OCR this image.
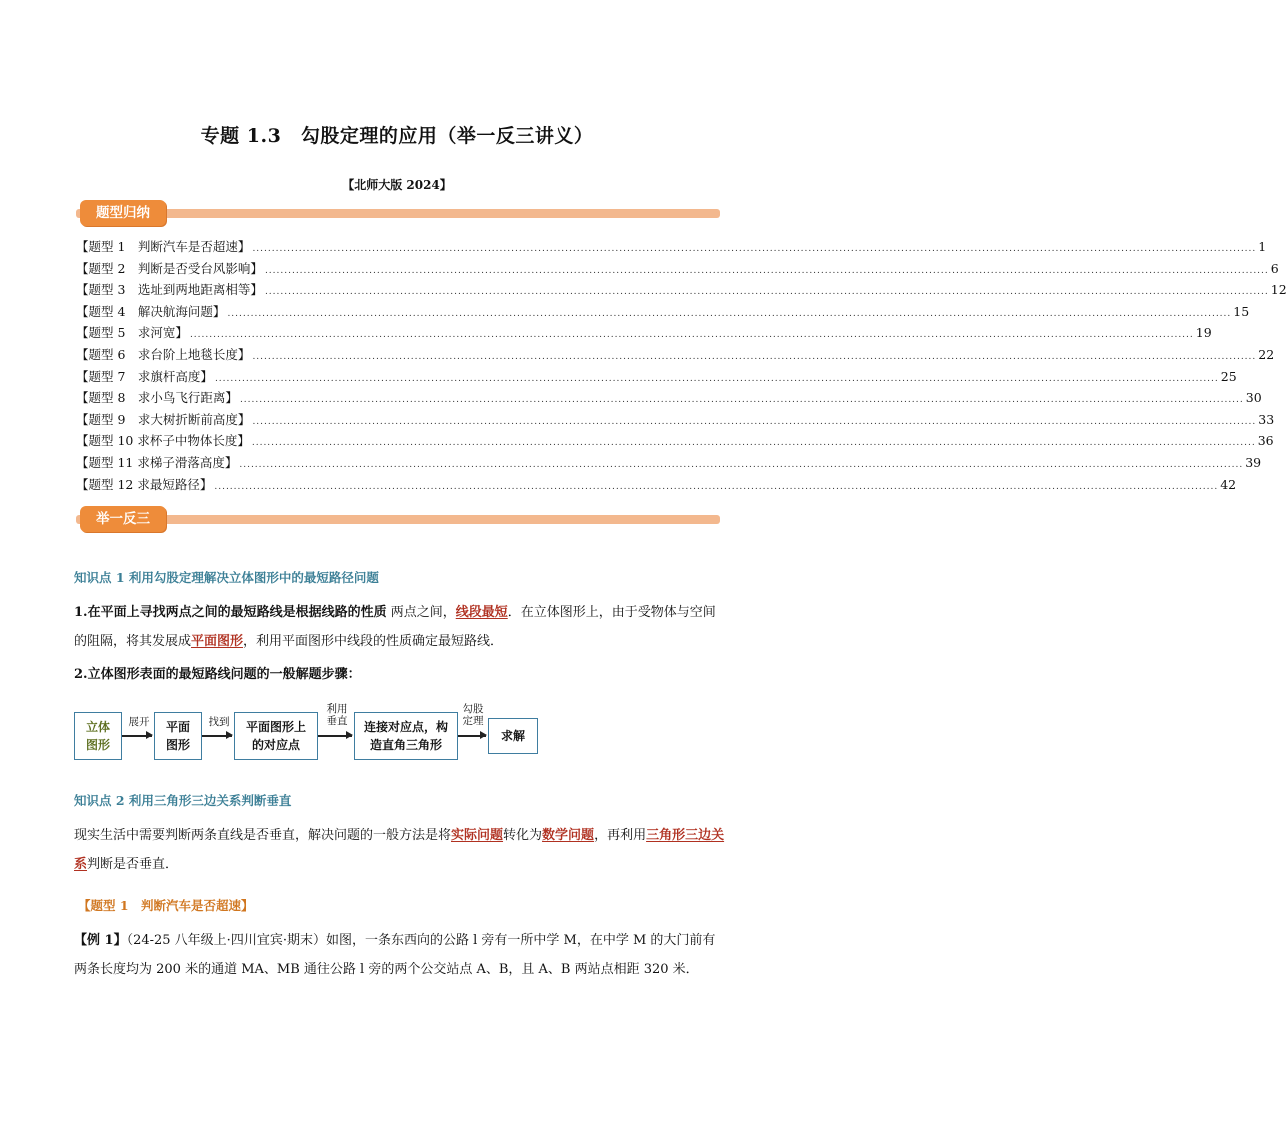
专题 1.3　勾股定理的应用（举一反三讲义）
【北师大版 2024】
题型归纳
【题型 1　判断汽车是否超速】 .................................................................................................................................................................................................................................................................... 1
【题型 2　判断是否受台风影响】 .................................................................................................................................................................................................................................................................... 6
【题型 3　选址到两地距离相等】 .................................................................................................................................................................................................................................................................... 12
【题型 4　解决航海问题】 .................................................................................................................................................................................................................................................................... 15
【题型 5　求河宽】 .................................................................................................................................................................................................................................................................... 19
【题型 6　求台阶上地毯长度】 .................................................................................................................................................................................................................................................................... 22
【题型 7　求旗杆高度】 .................................................................................................................................................................................................................................................................... 25
【题型 8　求小鸟飞行距离】 .................................................................................................................................................................................................................................................................... 30
【题型 9　求大树折断前高度】 .................................................................................................................................................................................................................................................................... 33
【题型 10 求杯子中物体长度】 .................................................................................................................................................................................................................................................................... 36
【题型 11 求梯子滑落高度】 .................................................................................................................................................................................................................................................................... 39
【题型 12 求最短路径】 .................................................................................................................................................................................................................................................................... 42
举一反三
知识点 1 利用勾股定理解决立体图形中的最短路径问题
1.在平面上寻找两点之间的最短路线是根据线路的性质 两点之间，线段最短．在立体图形上，由于受物体与空间的阻隔，将其发展成平面图形，利用平面图形中线段的性质确定最短路线．
2.立体图形表面的最短路线问题的一般解题步骤：
立体
图形
展开	平面
图形
找到	平面图形上
的对应点
利用
垂直	连接对应点，构
造直角三角形
勾股
定理
求解
知识点 2 利用三角形三边关系判断垂直
现实生活中需要判断两条直线是否垂直，解决问题的一般方法是将实际问题转化为数学问题，再利用三角形三边关系判断是否垂直．
【题型 1　判断汽车是否超速】
【例 1】（24-25 八年级上·四川宜宾·期末）如图，一条东西向的公路 l 旁有一所中学 M，在中学 M 的大门前有两条长度均为 200 米的通道 MA、MB 通往公路 l 旁的两个公交站点 A、B，且 A、B 两站点相距 320 米．
